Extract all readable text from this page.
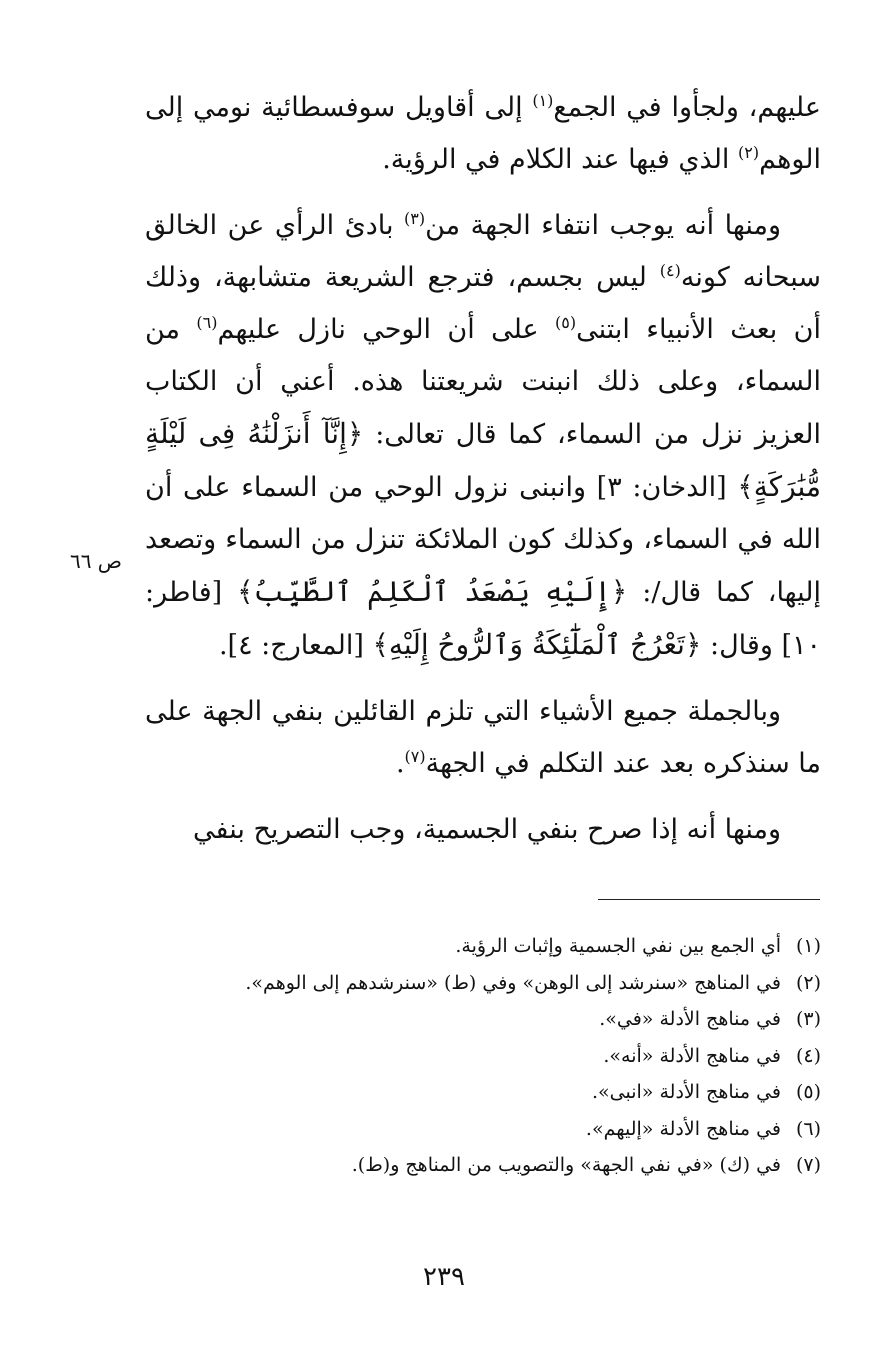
عليهم، ولجأوا في الجمع$^{(١)}$ إلى أقاويل سوفسطائية نومي إلى الوهم$^{(٢)}$ الذي فيها عند الكلام في الرؤية.

ومنها أنه يوجب انتفاء الجهة من$^{(٣)}$ بادئ الرأي عن الخالق سبحانه كونه$^{(٤)}$ ليس بجسم، فترجع الشريعة متشابهة، وذلك أن بعث الأنبياء ابتنى$^{(٥)}$ على أن الوحي نازل عليهم$^{(٦)}$ من السماء، وعلى ذلك انبنت شريعتنا هذه. أعني أن الكتاب العزيز نزل من السماء، كما قال تعالى: ﴿إِنَّآ أَنزَلْنَٰهُ فِى لَيْلَةٍ مُّبَٰرَكَةٍ﴾ [الدخان: ٣] وانبنى نزول الوحي من السماء على أن الله في السماء، وكذلك كون الملائكة تنزل من السماء وتصعد إليها، كما قال/: ﴿إِلَيْهِ يَصْعَدُ ٱلْكَلِمُ ٱلطَّيِّبُ﴾ [فاطر: ١٠] وقال: ﴿تَعْرُجُ ٱلْمَلَٰٓئِكَةُ وَٱلرُّوحُ إِلَيْهِ﴾ [المعارج: ٤].

وبالجملة جميع الأشياء التي تلزم القائلين بنفي الجهة على ما سنذكره بعد عند التكلم في الجهة$^{(٧)}$.

ومنها أنه إذا صرح بنفي الجسمية، وجب التصريح بنفي

ص ٦٦
(١)أي الجمع بين نفي الجسمية وإثبات الرؤية.
(٢)في المناهج «سنرشد إلى الوهن» وفي (ط) «سنرشدهم إلى الوهم».
(٣)في مناهج الأدلة «في».
(٤)في مناهج الأدلة «أنه».
(٥)في مناهج الأدلة «انبى».
(٦)في مناهج الأدلة «إليهم».
(٧)في (ك) «في نفي الجهة» والتصويب من المناهج و(ط).
٢٣٩
